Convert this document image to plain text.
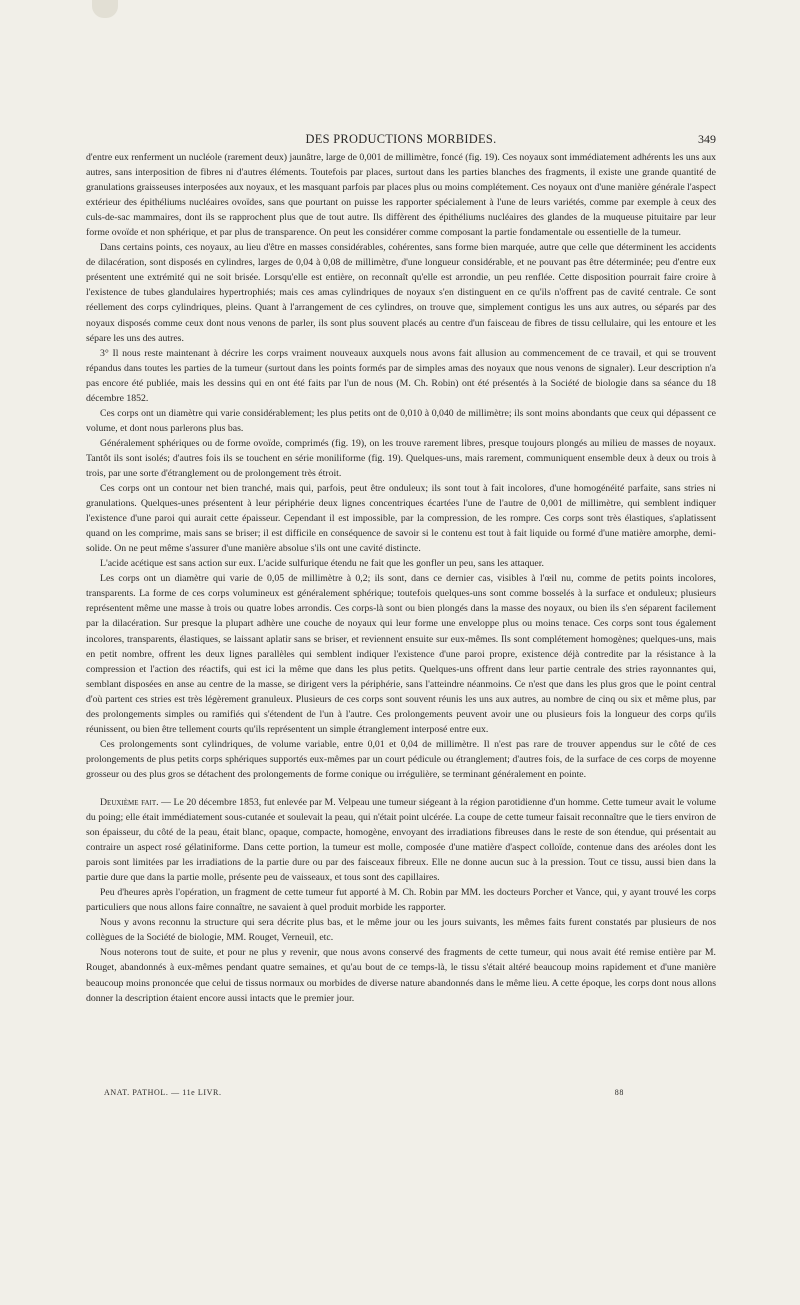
DES PRODUCTIONS MORBIDES.	349

d'entre eux renferment un nucléole (rarement deux) jaunâtre, large de 0,001 de millimètre, foncé (fig. 19). Ces noyaux sont immédiatement adhérents les uns aux autres, sans interposition de fibres ni d'autres éléments. Toutefois par places, surtout dans les parties blanches des fragments, il existe une grande quantité de granulations graisseuses interposées aux noyaux, et les masquant parfois par places plus ou moins complétement. Ces noyaux ont d'une manière générale l'aspect extérieur des épithéliums nucléaires ovoïdes, sans que pourtant on puisse les rapporter spécialement à l'une de leurs variétés, comme par exemple à ceux des culs-de-sac mammaires, dont ils se rapprochent plus que de tout autre. Ils diffèrent des épithéliums nucléaires des glandes de la muqueuse pituitaire par leur forme ovoïde et non sphérique, et par plus de transparence. On peut les considérer comme composant la partie fondamentale ou essentielle de la tumeur.

Dans certains points, ces noyaux, au lieu d'être en masses considérables, cohérentes, sans forme bien marquée, autre que celle que déterminent les accidents de dilacération, sont disposés en cylindres, larges de 0,04 à 0,08 de millimètre, d'une longueur considérable, et ne pouvant pas être déterminée; peu d'entre eux présentent une extrémité qui ne soit brisée. Lorsqu'elle est entière, on reconnaît qu'elle est arrondie, un peu renflée. Cette disposition pourrait faire croire à l'existence de tubes glandulaires hypertrophiés; mais ces amas cylindriques de noyaux s'en distinguent en ce qu'ils n'offrent pas de cavité centrale. Ce sont réellement des corps cylindriques, pleins. Quant à l'arrangement de ces cylindres, on trouve que, simplement contigus les uns aux autres, ou séparés par des noyaux disposés comme ceux dont nous venons de parler, ils sont plus souvent placés au centre d'un faisceau de fibres de tissu cellulaire, qui les entoure et les sépare les uns des autres.

3° Il nous reste maintenant à décrire les corps vraiment nouveaux auxquels nous avons fait allusion au commencement de ce travail, et qui se trouvent répandus dans toutes les parties de la tumeur (surtout dans les points formés par de simples amas des noyaux que nous venons de signaler). Leur description n'a pas encore été publiée, mais les dessins qui en ont été faits par l'un de nous (M. Ch. Robin) ont été présentés à la Société de biologie dans sa séance du 18 décembre 1852.

Ces corps ont un diamètre qui varie considérablement; les plus petits ont de 0,010 à 0,040 de millimètre; ils sont moins abondants que ceux qui dépassent ce volume, et dont nous parlerons plus bas.

Généralement sphériques ou de forme ovoïde, comprimés (fig. 19), on les trouve rarement libres, presque toujours plongés au milieu de masses de noyaux. Tantôt ils sont isolés; d'autres fois ils se touchent en série moniliforme (fig. 19). Quelques-uns, mais rarement, communiquent ensemble deux à deux ou trois à trois, par une sorte d'étranglement ou de prolongement très étroit.

Ces corps ont un contour net bien tranché, mais qui, parfois, peut être onduleux; ils sont tout à fait incolores, d'une homogénéité parfaite, sans stries ni granulations. Quelques-unes présentent à leur périphérie deux lignes concentriques écartées l'une de l'autre de 0,001 de millimètre, qui semblent indiquer l'existence d'une paroi qui aurait cette épaisseur. Cependant il est impossible, par la compression, de les rompre. Ces corps sont très élastiques, s'aplatissent quand on les comprime, mais sans se briser; il est difficile en conséquence de savoir si le contenu est tout à fait liquide ou formé d'une matière amorphe, demi-solide. On ne peut même s'assurer d'une manière absolue s'ils ont une cavité distincte.

L'acide acétique est sans action sur eux. L'acide sulfurique étendu ne fait que les gonfler un peu, sans les attaquer.

Les corps ont un diamètre qui varie de 0,05 de millimètre à 0,2; ils sont, dans ce dernier cas, visibles à l'œil nu, comme de petits points incolores, transparents. La forme de ces corps volumineux est généralement sphérique; toutefois quelques-uns sont comme bosselés à la surface et onduleux; plusieurs représentent même une masse à trois ou quatre lobes arrondis. Ces corps-là sont ou bien plongés dans la masse des noyaux, ou bien ils s'en séparent facilement par la dilacération. Sur presque la plupart adhère une couche de noyaux qui leur forme une enveloppe plus ou moins tenace. Ces corps sont tous également incolores, transparents, élastiques, se laissant aplatir sans se briser, et reviennent ensuite sur eux-mêmes. Ils sont complétement homogènes; quelques-uns, mais en petit nombre, offrent les deux lignes parallèles qui semblent indiquer l'existence d'une paroi propre, existence déjà contredite par la résistance à la compression et l'action des réactifs, qui est ici la même que dans les plus petits. Quelques-uns offrent dans leur partie centrale des stries rayonnantes qui, semblant disposées en anse au centre de la masse, se dirigent vers la périphérie, sans l'atteindre néanmoins. Ce n'est que dans les plus gros que le point central d'où partent ces stries est très légèrement granuleux. Plusieurs de ces corps sont souvent réunis les uns aux autres, au nombre de cinq ou six et même plus, par des prolongements simples ou ramifiés qui s'étendent de l'un à l'autre. Ces prolongements peuvent avoir une ou plusieurs fois la longueur des corps qu'ils réunissent, ou bien être tellement courts qu'ils représentent un simple étranglement interposé entre eux.

Ces prolongements sont cylindriques, de volume variable, entre 0,01 et 0,04 de millimètre. Il n'est pas rare de trouver appendus sur le côté de ces prolongements de plus petits corps sphériques supportés eux-mêmes par un court pédicule ou étranglement; d'autres fois, de la surface de ces corps de moyenne grosseur ou des plus gros se détachent des prolongements de forme conique ou irrégulière, se terminant généralement en pointe.

Deuxième fait. — Le 20 décembre 1853, fut enlevée par M. Velpeau une tumeur siégeant à la région parotidienne d'un homme. Cette tumeur avait le volume du poing; elle était immédiatement sous-cutanée et soulevait la peau, qui n'était point ulcérée. La coupe de cette tumeur faisait reconnaître que le tiers environ de son épaisseur, du côté de la peau, était blanc, opaque, compacte, homogène, envoyant des irradiations fibreuses dans le reste de son étendue, qui présentait au contraire un aspect rosé gélatiniforme. Dans cette portion, la tumeur est molle, composée d'une matière d'aspect colloïde, contenue dans des aréoles dont les parois sont limitées par les irradiations de la partie dure ou par des faisceaux fibreux. Elle ne donne aucun suc à la pression. Tout ce tissu, aussi bien dans la partie dure que dans la partie molle, présente peu de vaisseaux, et tous sont des capillaires.

Peu d'heures après l'opération, un fragment de cette tumeur fut apporté à M. Ch. Robin par MM. les docteurs Porcher et Vance, qui, y ayant trouvé les corps particuliers que nous allons faire connaître, ne savaient à quel produit morbide les rapporter.

Nous y avons reconnu la structure qui sera décrite plus bas, et le même jour ou les jours suivants, les mêmes faits furent constatés par plusieurs de nos collègues de la Société de biologie, MM. Rouget, Verneuil, etc.

Nous noterons tout de suite, et pour ne plus y revenir, que nous avons conservé des fragments de cette tumeur, qui nous avait été remise entière par M. Rouget, abandonnés à eux-mêmes pendant quatre semaines, et qu'au bout de ce temps-là, le tissu s'était altéré beaucoup moins rapidement et d'une manière beaucoup moins prononcée que celui de tissus normaux ou morbides de diverse nature abandonnés dans le même lieu. A cette époque, les corps dont nous allons donner la description étaient encore aussi intacts que le premier jour.

ANAT. PATHOL. — 11e LIVR.	88
